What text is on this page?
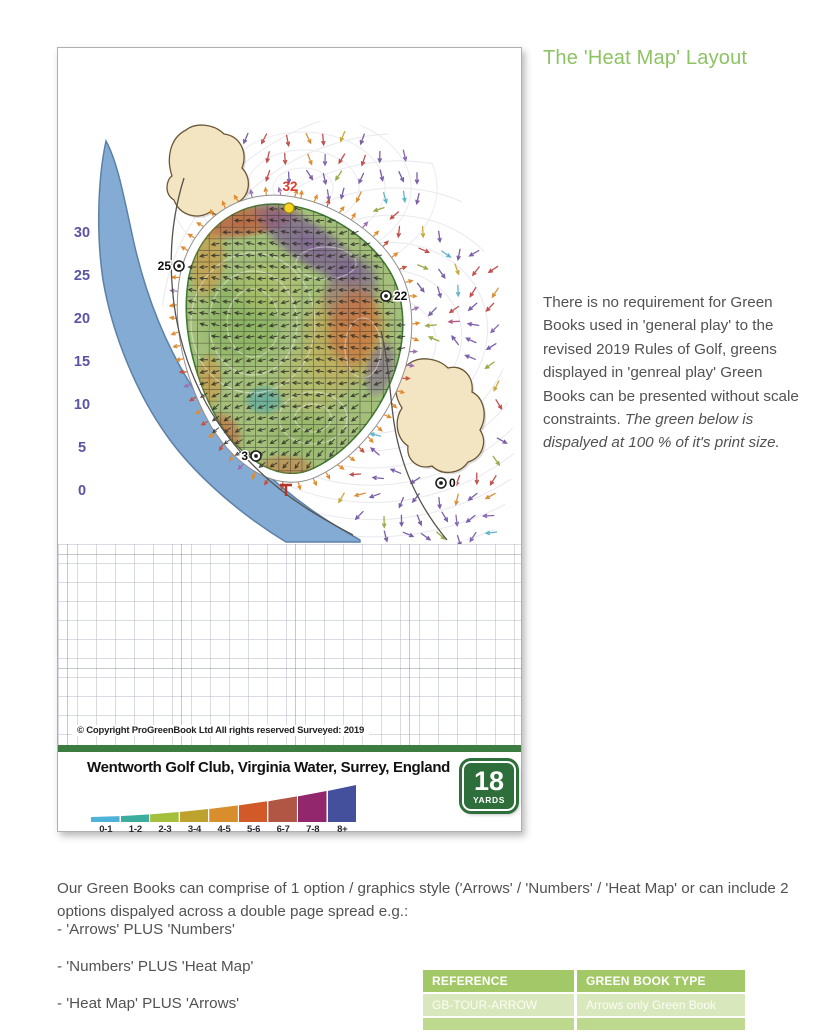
32
25
22
3
0
30
25
20
15
10
5
0
© Copyright ProGreenBook Ltd All rights reserved Surveyed: 2019
Wentworth Golf Club, Virginia Water, Surrey, England
0-1	1-2	2-3	3-4	4-5	5-6	6-7	7-8	8+
18
YARDS
The 'Heat Map' Layout
There is no requirement for Green Books used in 'general play' to the revised 2019 Rules of Golf, greens displayed in 'genreal play' Green Books can be presented without scale constraints. The green below is dispalyed at 100 % of it's print size.
Our Green Books can comprise of 1 option / graphics style ('Arrows' / 'Numbers' / 'Heat Map' or can include 2 options dispalyed across a double page spread e.g.:
- 'Arrows' PLUS 'Numbers'
- 'Numbers' PLUS 'Heat Map'
- 'Heat Map' PLUS 'Arrows'
REFERENCE	GREEN BOOK TYPE
GB-TOUR-ARROW	Arrows only Green Book
